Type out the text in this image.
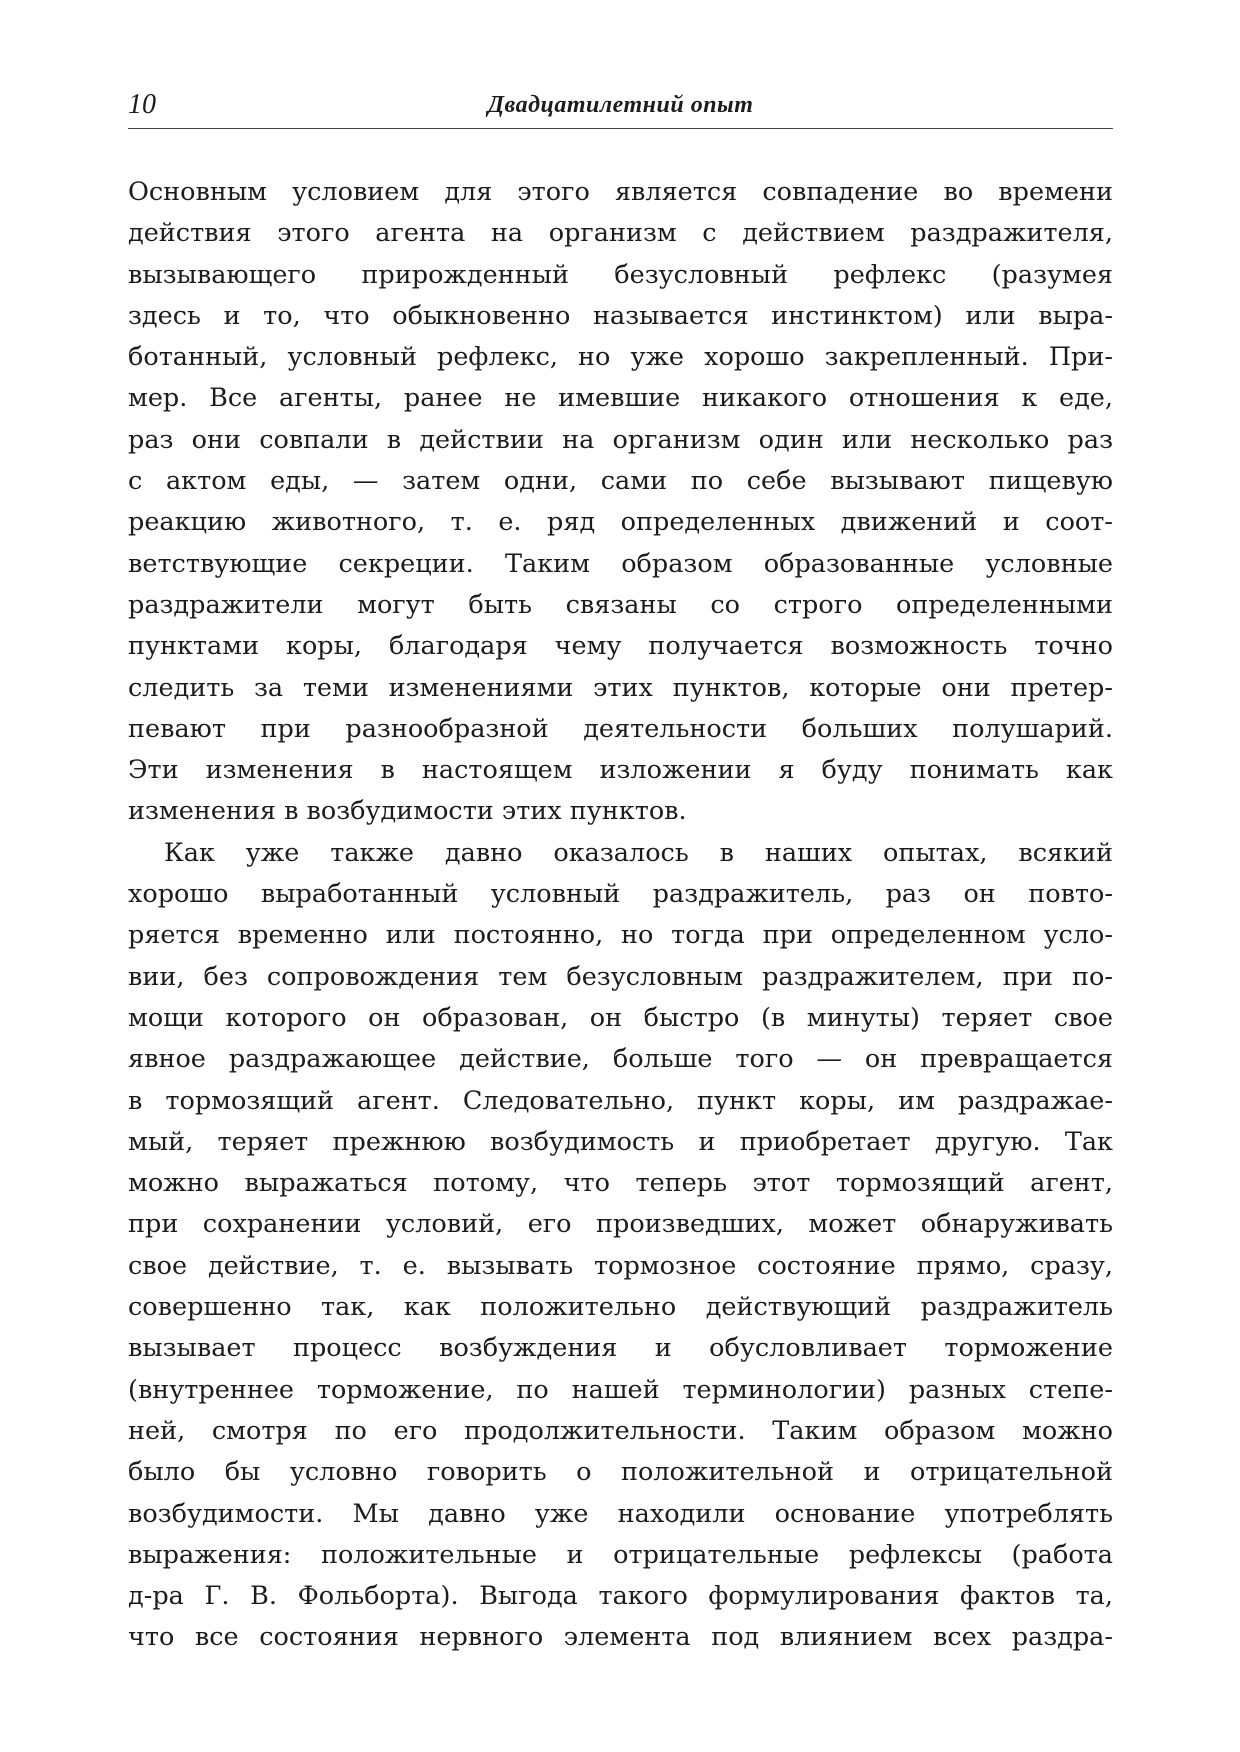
10	Двадцатилетний опыт
Основным условием для этого является совпадение во времени
действия этого агента на организм с действием раздражителя,
вызывающего прирожденный безусловный рефлекс (разумея
здесь и то, что обыкновенно называется инстинктом) или выра-
ботанный, условный рефлекс, но уже хорошо закрепленный. При-
мер. Все агенты, ранее не имевшие никакого отношения к еде,
раз они совпали в действии на организм один или несколько раз
с актом еды, — затем одни, сами по себе вызывают пищевую
реакцию животного, т. е. ряд определенных движений и соот-
ветствующие секреции. Таким образом образованные условные
раздражители могут быть связаны со строго определенными
пунктами коры, благодаря чему получается возможность точно
следить за теми изменениями этих пунктов, которые они претер-
певают при разнообразной деятельности больших полушарий.
Эти изменения в настоящем изложении я буду понимать как
изменения в возбудимости этих пунктов.
Как уже также давно оказалось в наших опытах, всякий
хорошо выработанный условный раздражитель, раз он повто-
ряется временно или постоянно, но тогда при определенном усло-
вии, без сопровождения тем безусловным раздражителем, при по-
мощи которого он образован, он быстро (в минуты) теряет свое
явное раздражающее действие, больше того — он превращается
в тормозящий агент. Следовательно, пункт коры, им раздражае-
мый, теряет прежнюю возбудимость и приобретает другую. Так
можно выражаться потому, что теперь этот тормозящий агент,
при сохранении условий, его произведших, может обнаруживать
свое действие, т. е. вызывать тормозное состояние прямо, сразу,
совершенно так, как положительно действующий раздражитель
вызывает процесс возбуждения и обусловливает торможение
(внутреннее торможение, по нашей терминологии) разных степе-
ней, смотря по его продолжительности. Таким образом можно
было бы условно говорить о положительной и отрицательной
возбудимости. Мы давно уже находили основание употреблять
выражения: положительные и отрицательные рефлексы (работа
д-ра Г. В. Фольборта). Выгода такого формулирования фактов та,
что все состояния нервного элемента под влиянием всех раздра-
